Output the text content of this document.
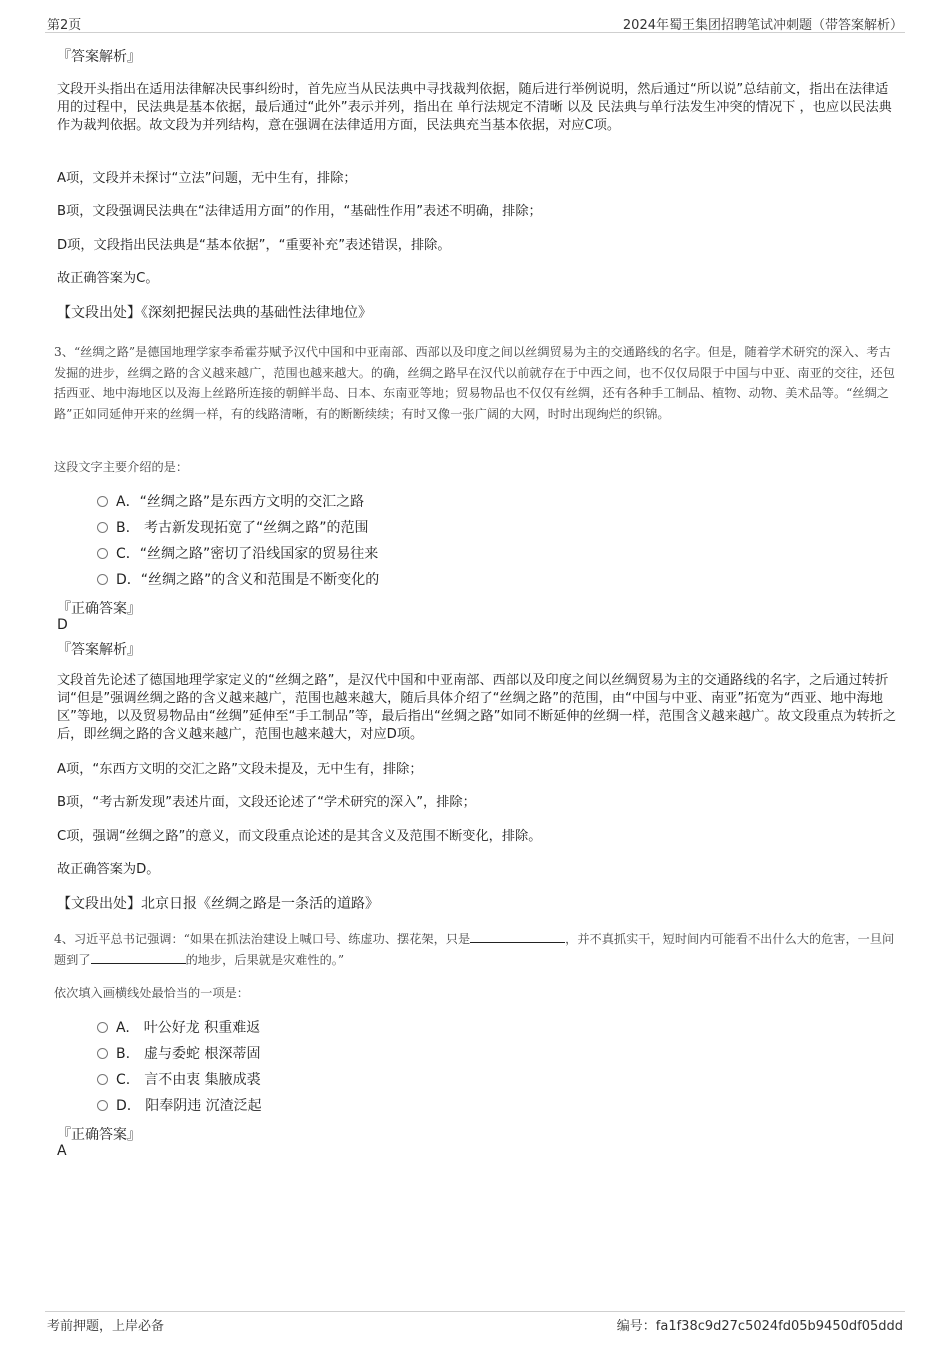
第2页	2024年蜀王集团招聘笔试冲刺题（带答案解析）
『答案解析』
文段开头指出在适用法律解决民事纠纷时，首先应当从民法典中寻找裁判依据，随后进行举例说明，然后通过“所以说”总结前文，指出在法律适用的过程中，民法典是基本依据，最后通过“此外”表示并列，指出在 单行法规定不清晰 以及 民法典与单行法发生冲突的情况下 ，也应以民法典作为裁判依据。故文段为并列结构，意在强调在法律适用方面，民法典充当基本依据，对应C项。
A项，文段并未探讨“立法”问题，无中生有，排除；
B项，文段强调民法典在“法律适用方面”的作用，“基础性作用”表述不明确，排除；
D项，文段指出民法典是“基本依据”，“重要补充”表述错误，排除。
故正确答案为C。
【文段出处】《深刻把握民法典的基础性法律地位》
3、“丝绸之路”是德国地理学家李希霍芬赋予汉代中国和中亚南部、西部以及印度之间以丝绸贸易为主的交通路线的名字。但是，随着学术研究的深入、考古发掘的进步，丝绸之路的含义越来越广，范围也越来越大。的确，丝绸之路早在汉代以前就存在于中西之间，也不仅仅局限于中国与中亚、南亚的交往，还包括西亚、地中海地区以及海上丝路所连接的朝鲜半岛、日本、东南亚等地；贸易物品也不仅仅有丝绸，还有各种手工制品、植物、动物、美术品等。“丝绸之路”正如同延伸开来的丝绸一样，有的线路清晰，有的断断续续；有时又像一张广阔的大网，时时出现绚烂的织锦。
这段文字主要介绍的是：
A．“丝绸之路”是东西方文明的交汇之路
B.　考古新发现拓宽了“丝绸之路”的范围
C．“丝绸之路”密切了沿线国家的贸易往来
D．“丝绸之路”的含义和范围是不断变化的
『正确答案』
D
『答案解析』
文段首先论述了德国地理学家定义的“丝绸之路”，是汉代中国和中亚南部、西部以及印度之间以丝绸贸易为主的交通路线的名字，之后通过转折词“但是”强调丝绸之路的含义越来越广，范围也越来越大，随后具体介绍了“丝绸之路”的范围，由“中国与中亚、南亚”拓宽为“西亚、地中海地区”等地，以及贸易物品由“丝绸”延伸至“手工制品”等，最后指出“丝绸之路”如同不断延伸的丝绸一样，范围含义越来越广。故文段重点为转折之后，即丝绸之路的含义越来越广，范围也越来越大，对应D项。
A项，“东西方文明的交汇之路”文段未提及，无中生有，排除；
B项，“考古新发现”表述片面，文段还论述了“学术研究的深入”，排除；
C项，强调“丝绸之路”的意义，而文段重点论述的是其含义及范围不断变化，排除。
故正确答案为D。
【文段出处】北京日报《丝绸之路是一条活的道路》
4、习近平总书记强调：“如果在抓法治建设上喊口号、练虚功、摆花架，只是	，并不真抓实干，短时间内可能看不出什么大的危害，一旦问题到了	的地步，后果就是灾难性的。”
依次填入画横线处最恰当的一项是：
A.　叶公好龙 积重难返
B.　虚与委蛇 根深蒂固
C.　言不由衷 集腋成裘
D.　阳奉阴违 沉渣泛起
『正确答案』
A
考前押题，上岸必备	编号：fa1f38c9d27c5024fd05b9450df05ddd
